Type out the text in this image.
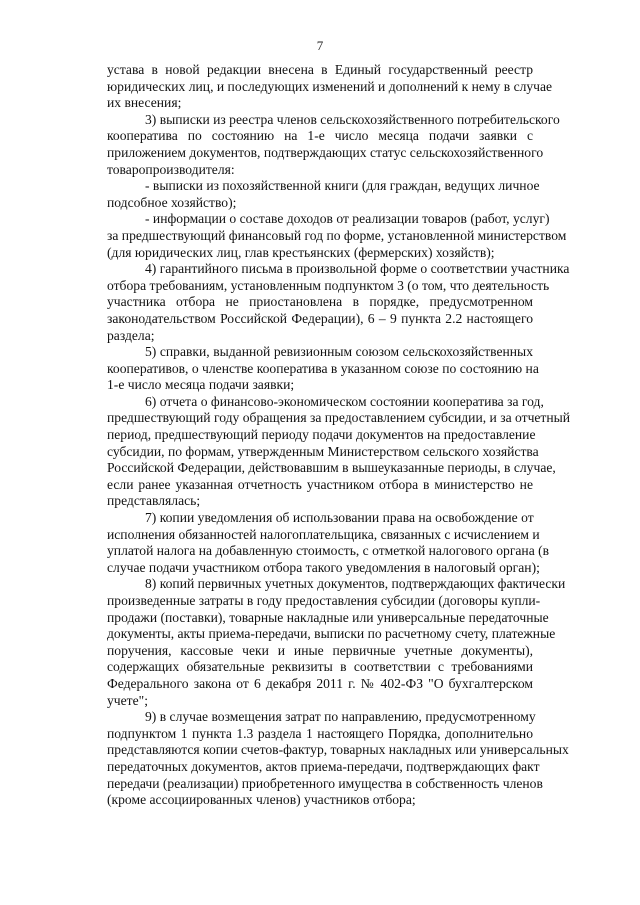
7
устава в новой редакции внесена в Единый государственный реестр
юридических лиц, и последующих изменений и дополнений к нему в случае
их внесения;
3) выписки из реестра членов сельскохозяйственного потребительского
кооператива по состоянию на 1-е число месяца подачи заявки с
приложением документов, подтверждающих статус сельскохозяйственного
товаропроизводителя:
- выписки из похозяйственной книги (для граждан, ведущих личное
подсобное хозяйство);
- информации о составе доходов от реализации товаров (работ, услуг)
за предшествующий финансовый год по форме, установленной министерством
(для юридических лиц, глав крестьянских (фермерских) хозяйств);
4) гарантийного письма в произвольной форме о соответствии участника
отбора требованиям, установленным подпунктом 3 (о том, что деятельность
участника отбора не приостановлена в порядке, предусмотренном
законодательством Российской Федерации), 6 – 9 пункта 2.2 настоящего
раздела;
5) справки, выданной ревизионным союзом сельскохозяйственных
кооперативов, о членстве кооператива в указанном союзе по состоянию на
1-е число месяца подачи заявки;
6) отчета о финансово-экономическом состоянии кооператива за год,
предшествующий году обращения за предоставлением субсидии, и за отчетный
период, предшествующий периоду подачи документов на предоставление
субсидии, по формам, утвержденным Министерством сельского хозяйства
Российской Федерации, действовавшим в вышеуказанные периоды, в случае,
если ранее указанная отчетность участником отбора в министерство не
представлялась;
7) копии уведомления об использовании права на освобождение от
исполнения обязанностей налогоплательщика, связанных с исчислением и
уплатой налога на добавленную стоимость, с отметкой налогового органа (в
случае подачи участником отбора такого уведомления в налоговый орган);
8) копий первичных учетных документов, подтверждающих фактически
произведенные затраты в году предоставления субсидии (договоры купли-
продажи (поставки), товарные накладные или универсальные передаточные
документы, акты приема-передачи, выписки по расчетному счету, платежные
поручения, кассовые чеки и иные первичные учетные документы),
содержащих обязательные реквизиты в соответствии с требованиями
Федерального закона от 6 декабря 2011 г. № 402-ФЗ "О бухгалтерском
учете";
9) в случае возмещения затрат по направлению, предусмотренному
подпунктом 1 пункта 1.3 раздела 1 настоящего Порядка, дополнительно
представляются копии счетов-фактур, товарных накладных или универсальных
передаточных документов, актов приема-передачи, подтверждающих факт
передачи (реализации) приобретенного имущества в собственность членов
(кроме ассоциированных членов) участников отбора;
